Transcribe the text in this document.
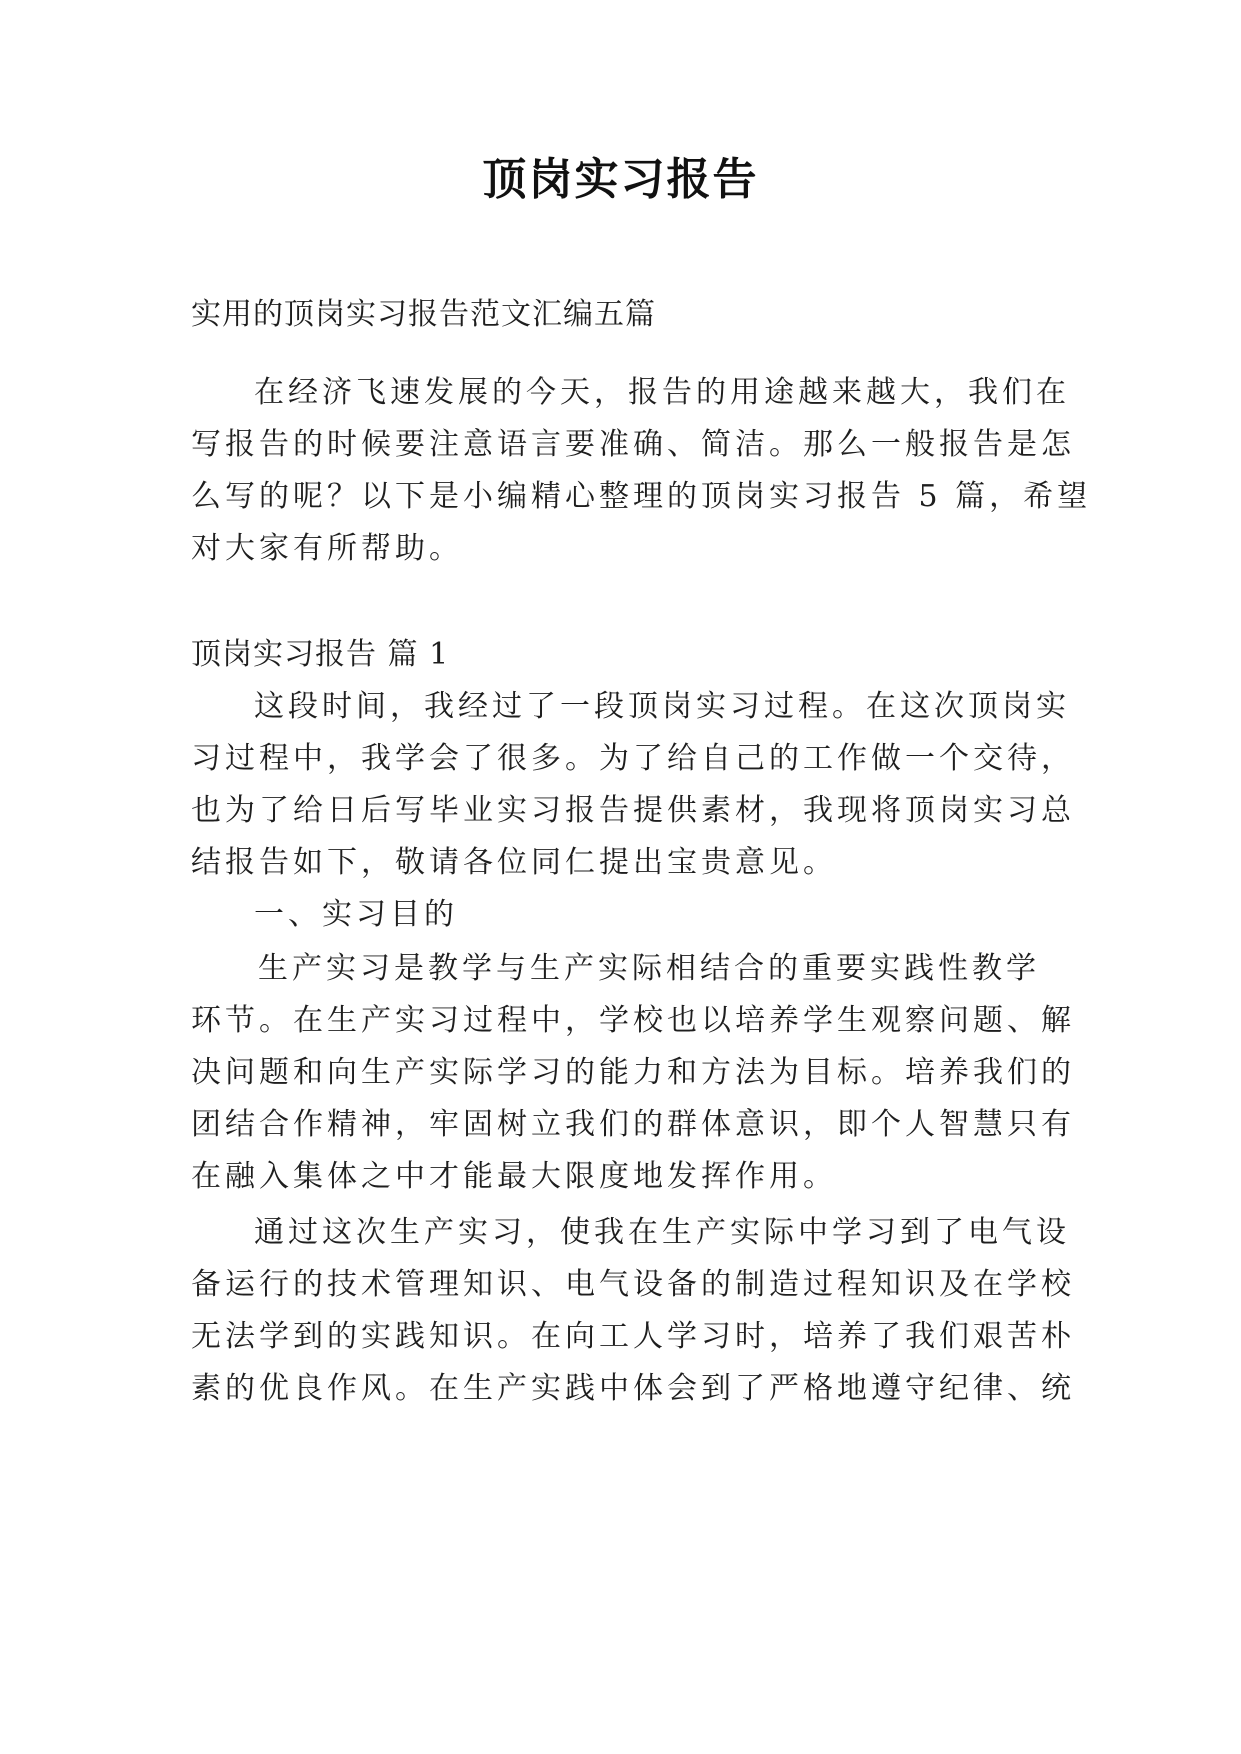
顶岗实习报告
实用的顶岗实习报告范文汇编五篇
在经济飞速发展的今天，报告的用途越来越大，我们在
写报告的时候要注意语言要准确、简洁。那么一般报告是怎
么写的呢？以下是小编精心整理的顶岗实习报告 5 篇，希望
对大家有所帮助。
顶岗实习报告 篇 1
这段时间，我经过了一段顶岗实习过程。在这次顶岗实
习过程中，我学会了很多。为了给自己的工作做一个交待，
也为了给日后写毕业实习报告提供素材，我现将顶岗实习总
结报告如下，敬请各位同仁提出宝贵意见。
一、实习目的
生产实习是教学与生产实际相结合的重要实践性教学
环节。在生产实习过程中，学校也以培养学生观察问题、解
决问题和向生产实际学习的能力和方法为目标。培养我们的
团结合作精神，牢固树立我们的群体意识，即个人智慧只有
在融入集体之中才能最大限度地发挥作用。
通过这次生产实习，使我在生产实际中学习到了电气设
备运行的技术管理知识、电气设备的制造过程知识及在学校
无法学到的实践知识。在向工人学习时，培养了我们艰苦朴
素的优良作风。在生产实践中体会到了严格地遵守纪律、统
